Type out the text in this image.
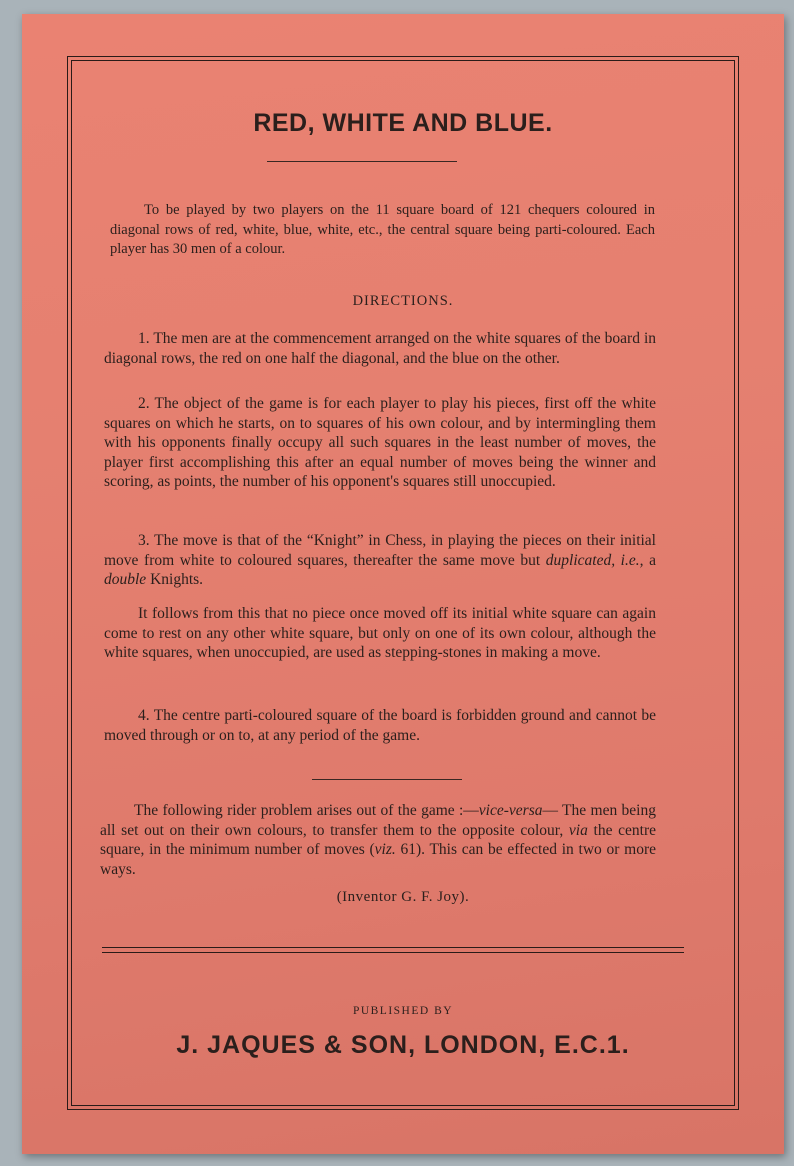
RED, WHITE AND BLUE.
To be played by two players on the 11 square board of 121 chequers coloured in diagonal rows of red, white, blue, white, etc., the central square being parti-coloured. Each player has 30 men of a colour.
DIRECTIONS.
1. The men are at the commencement arranged on the white squares of the board in diagonal rows, the red on one half the diagonal, and the blue on the other.
2. The object of the game is for each player to play his pieces, first off the white squares on which he starts, on to squares of his own colour, and by intermingling them with his opponents finally occupy all such squares in the least number of moves, the player first accomplishing this after an equal number of moves being the winner and scoring, as points, the number of his opponent's squares still unoccupied.
3. The move is that of the “Knight” in Chess, in playing the pieces on their initial move from white to coloured squares, thereafter the same move but duplicated, i.e., a double Knights.
It follows from this that no piece once moved off its initial white square can again come to rest on any other white square, but only on one of its own colour, although the white squares, when unoccupied, are used as stepping-stones in making a move.
4. The centre parti-coloured square of the board is forbidden ground and cannot be moved through or on to, at any period of the game.
The following rider problem arises out of the game :—vice-versa— The men being all set out on their own colours, to transfer them to the opposite colour, via the centre square, in the minimum number of moves (viz. 61). This can be effected in two or more ways.
(Inventor G. F. Joy).
PUBLISHED BY
J. JAQUES & SON, LONDON, E.C.1.
